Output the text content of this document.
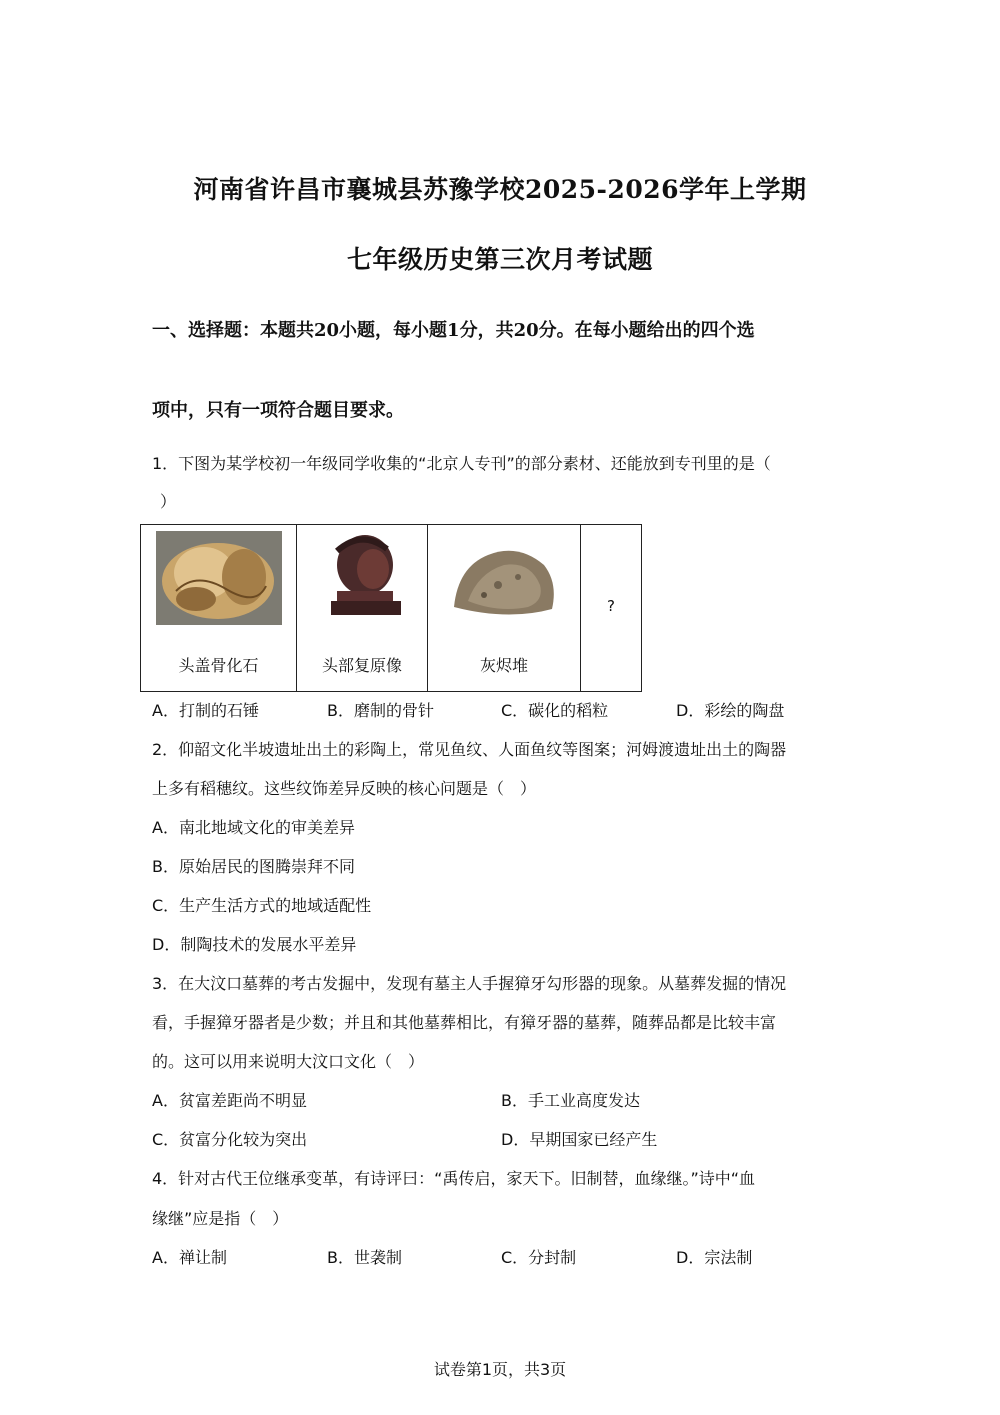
河南省许昌市襄城县苏豫学校2025-2026学年上学期
七年级历史第三次月考试题
一、选择题：本题共20小题，每小题1分，共20分。在每小题给出的四个选
项中，只有一项符合题目要求。
1．下图为某学校初一年级同学收集的“北京人专刊”的部分素材、还能放到专刊里的是（
）
头盖骨化石	头部复原像	灰烬堆

?
A．打制的石锤	B．磨制的骨针	C．碳化的稻粒	D．彩绘的陶盘
2．仰韶文化半坡遗址出土的彩陶上，常见鱼纹、人面鱼纹等图案；河姆渡遗址出土的陶器
上多有稻穗纹。这些纹饰差异反映的核心问题是（　）
A．南北地域文化的审美差异
B．原始居民的图腾崇拜不同
C．生产生活方式的地域适配性
D．制陶技术的发展水平差异
3．在大汶口墓葬的考古发掘中，发现有墓主人手握獐牙勾形器的现象。从墓葬发掘的情况
看，手握獐牙器者是少数；并且和其他墓葬相比，有獐牙器的墓葬，随葬品都是比较丰富
的。这可以用来说明大汶口文化（　）
A．贫富差距尚不明显	B．手工业高度发达
C．贫富分化较为突出	D．早期国家已经产生
4．针对古代王位继承变革，有诗评曰：“禹传启，家天下。旧制替，血缘继。”诗中“血
缘继”应是指（　）
A．禅让制	B．世袭制	C．分封制	D．宗法制
试卷第1页，共3页
